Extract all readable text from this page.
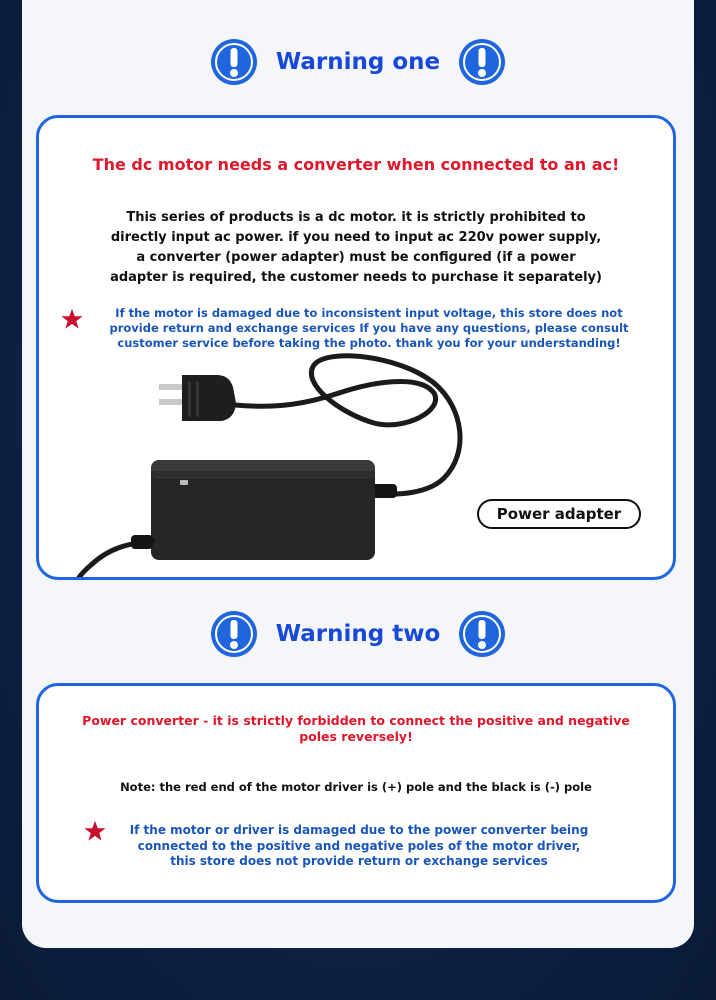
Warning one
The dc motor needs a converter when connected to an ac!
This series of products is a dc motor. it is strictly prohibited to
directly input ac power. if you need to input ac 220v power supply,
a converter (power adapter) must be configured (if a power
adapter is required, the customer needs to purchase it separately)
If the motor is damaged due to inconsistent input voltage, this store does not
provide return and exchange services If you have any questions, please consult
customer service before taking the photo. thank you for your understanding!
Power adapter
Warning two
Power converter - it is strictly forbidden to connect the positive and negative
poles reversely!
Note: the red end of the motor driver is (+) pole and the black is (-) pole
If the motor or driver is damaged due to the power converter being
connected to the positive and negative poles of the motor driver,
this store does not provide return or exchange services
